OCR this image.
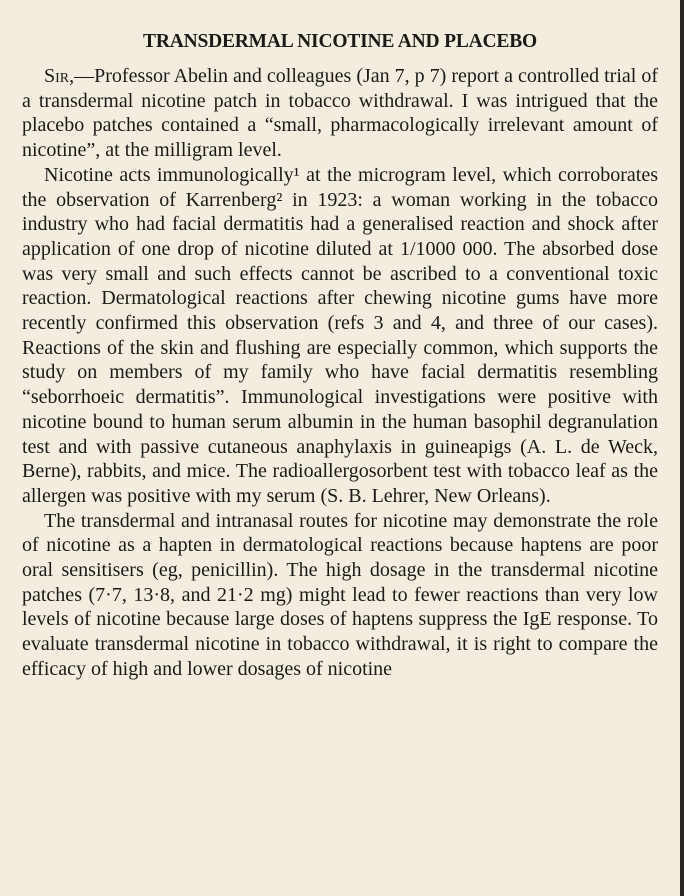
TRANSDERMAL NICOTINE AND PLACEBO

Sir,—Professor Abelin and colleagues (Jan 7, p 7) report a controlled trial of a transdermal nicotine patch in tobacco withdrawal. I was intrigued that the placebo patches contained a “small, pharmacologically irrelevant amount of nicotine”, at the milligram level.

Nicotine acts immunologically¹ at the microgram level, which corroborates the observation of Karrenberg² in 1923: a woman working in the tobacco industry who had facial dermatitis had a generalised reaction and shock after application of one drop of nicotine diluted at 1/1000 000. The absorbed dose was very small and such effects cannot be ascribed to a conventional toxic reaction. Dermatological reactions after chewing nicotine gums have more recently confirmed this observation (refs 3 and 4, and three of our cases). Reactions of the skin and flushing are especially common, which supports the study on members of my family who have facial dermatitis resembling “seborrhoeic dermatitis”. Immunological investigations were positive with nicotine bound to human serum albumin in the human basophil degranulation test and with passive cutaneous anaphylaxis in guineapigs (A. L. de Weck, Berne), rabbits, and mice. The radioallergosorbent test with tobacco leaf as the allergen was positive with my serum (S. B. Lehrer, New Orleans).

The transdermal and intranasal routes for nicotine may demonstrate the role of nicotine as a hapten in dermatological reactions because haptens are poor oral sensitisers (eg, penicillin). The high dosage in the transdermal nicotine patches (7·7, 13·8, and 21·2 mg) might lead to fewer reactions than very low levels of nicotine because large doses of haptens suppress the IgE response. To evaluate transdermal nicotine in tobacco withdrawal, it is right to compare the efficacy of high and lower dosages of nicotine
